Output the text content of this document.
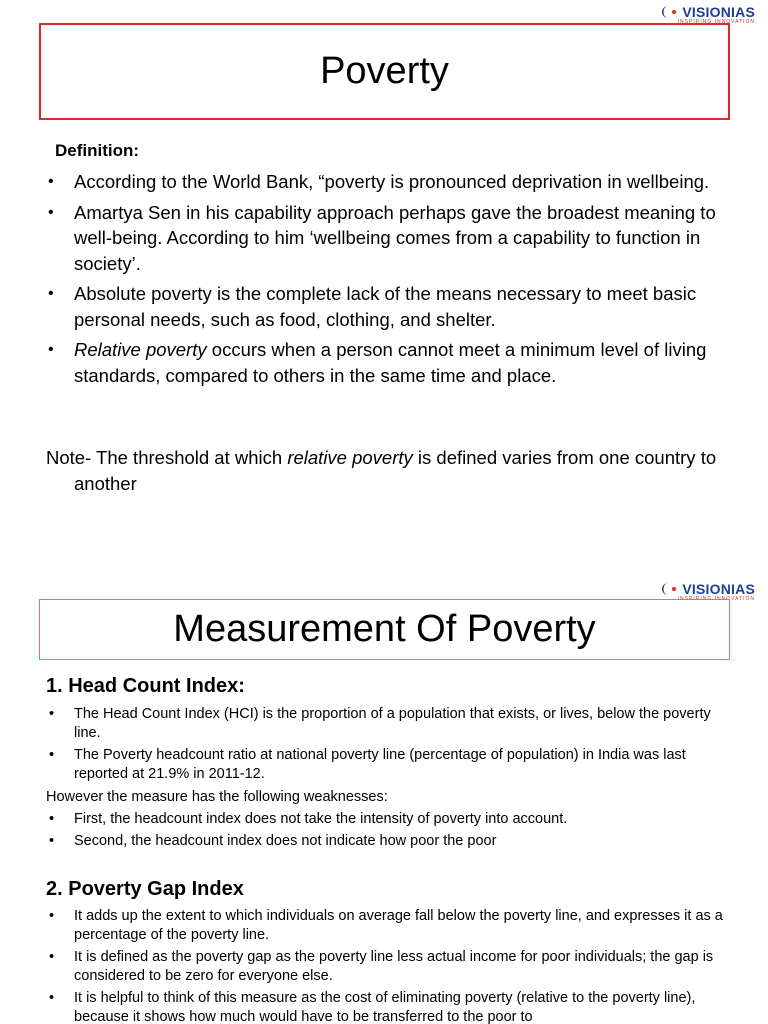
VISIONIAS
INSPIRING INNOVATION
Poverty
Definition:
• According to the World Bank, “poverty is pronounced deprivation in wellbeing.
• Amartya Sen in his capability approach perhaps gave the broadest meaning to well-being. According to him ‘wellbeing comes from a capability to function in society’.
• Absolute poverty is the complete lack of the means necessary to meet basic personal needs, such as food, clothing, and shelter.
• Relative poverty occurs when a person cannot meet a minimum level of living standards, compared to others in the same time and place.
Note- The threshold at which relative poverty is defined varies from one country to another
VISIONIAS
INSPIRING INNOVATION
Measurement Of Poverty
1. Head Count Index:
• The Head Count Index (HCI) is the proportion of a population that exists, or lives, below the poverty line.
• The Poverty headcount ratio at national poverty line (percentage of population) in India was last reported at 21.9% in 2011-12.
However the measure has the following weaknesses:
• First, the headcount index does not take the intensity of poverty into account.
• Second, the headcount index does not indicate how poor the poor
2. Poverty Gap Index
• It adds up the extent to which individuals on average fall below the poverty line, and expresses it as a percentage of the poverty line.
• It is defined as the poverty gap as the poverty line less actual income for poor individuals; the gap is considered to be zero for everyone else.
• It is helpful to think of this measure as the cost of eliminating poverty (relative to the poverty line), because it shows how much would have to be transferred to the poor to
